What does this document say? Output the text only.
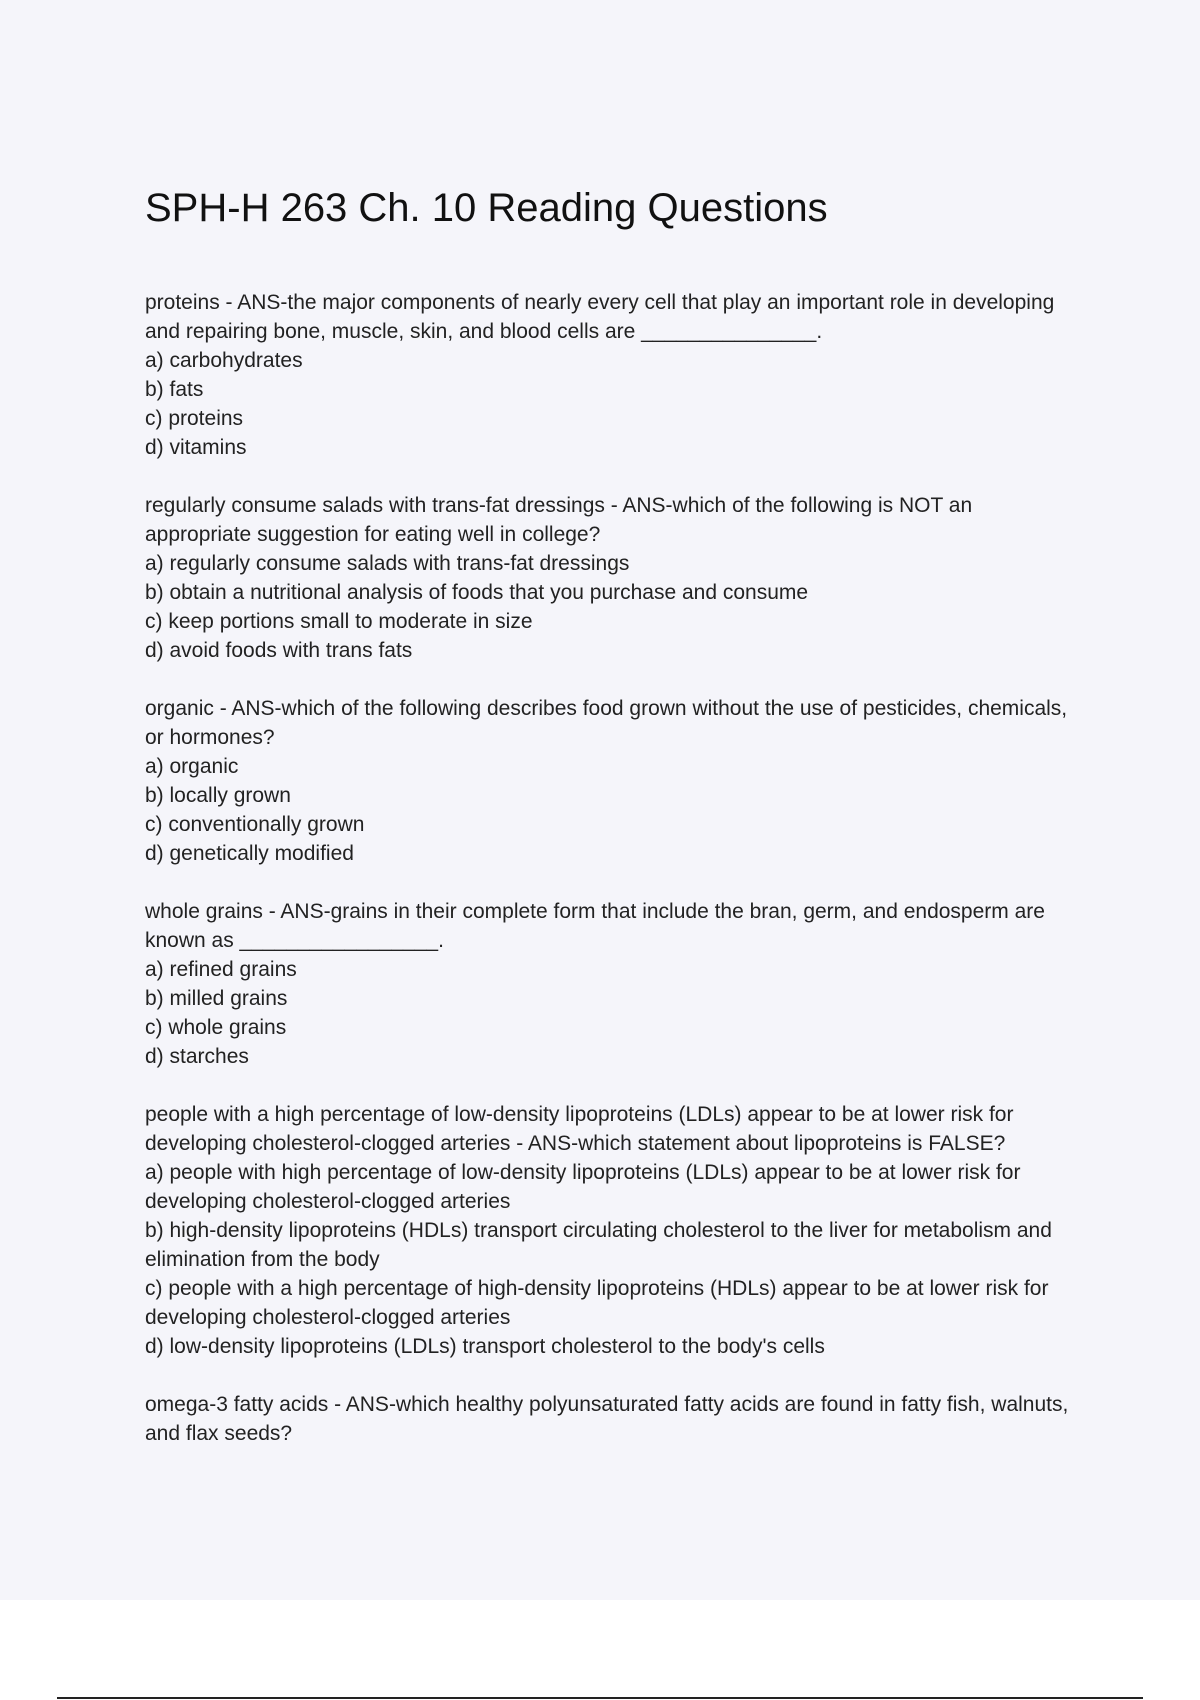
SPH-H 263 Ch. 10 Reading Questions

proteins - ANS-the major components of nearly every cell that play an important role in developing and repairing bone, muscle, skin, and blood cells are _______________.

a) carbohydrates

b) fats

c) proteins

d) vitamins

regularly consume salads with trans-fat dressings - ANS-which of the following is NOT an appropriate suggestion for eating well in college?

a) regularly consume salads with trans-fat dressings

b) obtain a nutritional analysis of foods that you purchase and consume

c) keep portions small to moderate in size

d) avoid foods with trans fats

organic - ANS-which of the following describes food grown without the use of pesticides, chemicals, or hormones?

a) organic

b) locally grown

c) conventionally grown

d) genetically modified

whole grains - ANS-grains in their complete form that include the bran, germ, and endosperm are known as _________________.

a) refined grains

b) milled grains

c) whole grains

d) starches

people with a high percentage of low-density lipoproteins (LDLs) appear to be at lower risk for developing cholesterol-clogged arteries - ANS-which statement about lipoproteins is FALSE?

a) people with high percentage of low-density lipoproteins (LDLs) appear to be at lower risk for developing cholesterol-clogged arteries

b) high-density lipoproteins (HDLs) transport circulating cholesterol to the liver for metabolism and elimination from the body

c) people with a high percentage of high-density lipoproteins (HDLs) appear to be at lower risk for developing cholesterol-clogged arteries

d) low-density lipoproteins (LDLs) transport cholesterol to the body's cells

omega-3 fatty acids - ANS-which healthy polyunsaturated fatty acids are found in fatty fish, walnuts, and flax seeds?
